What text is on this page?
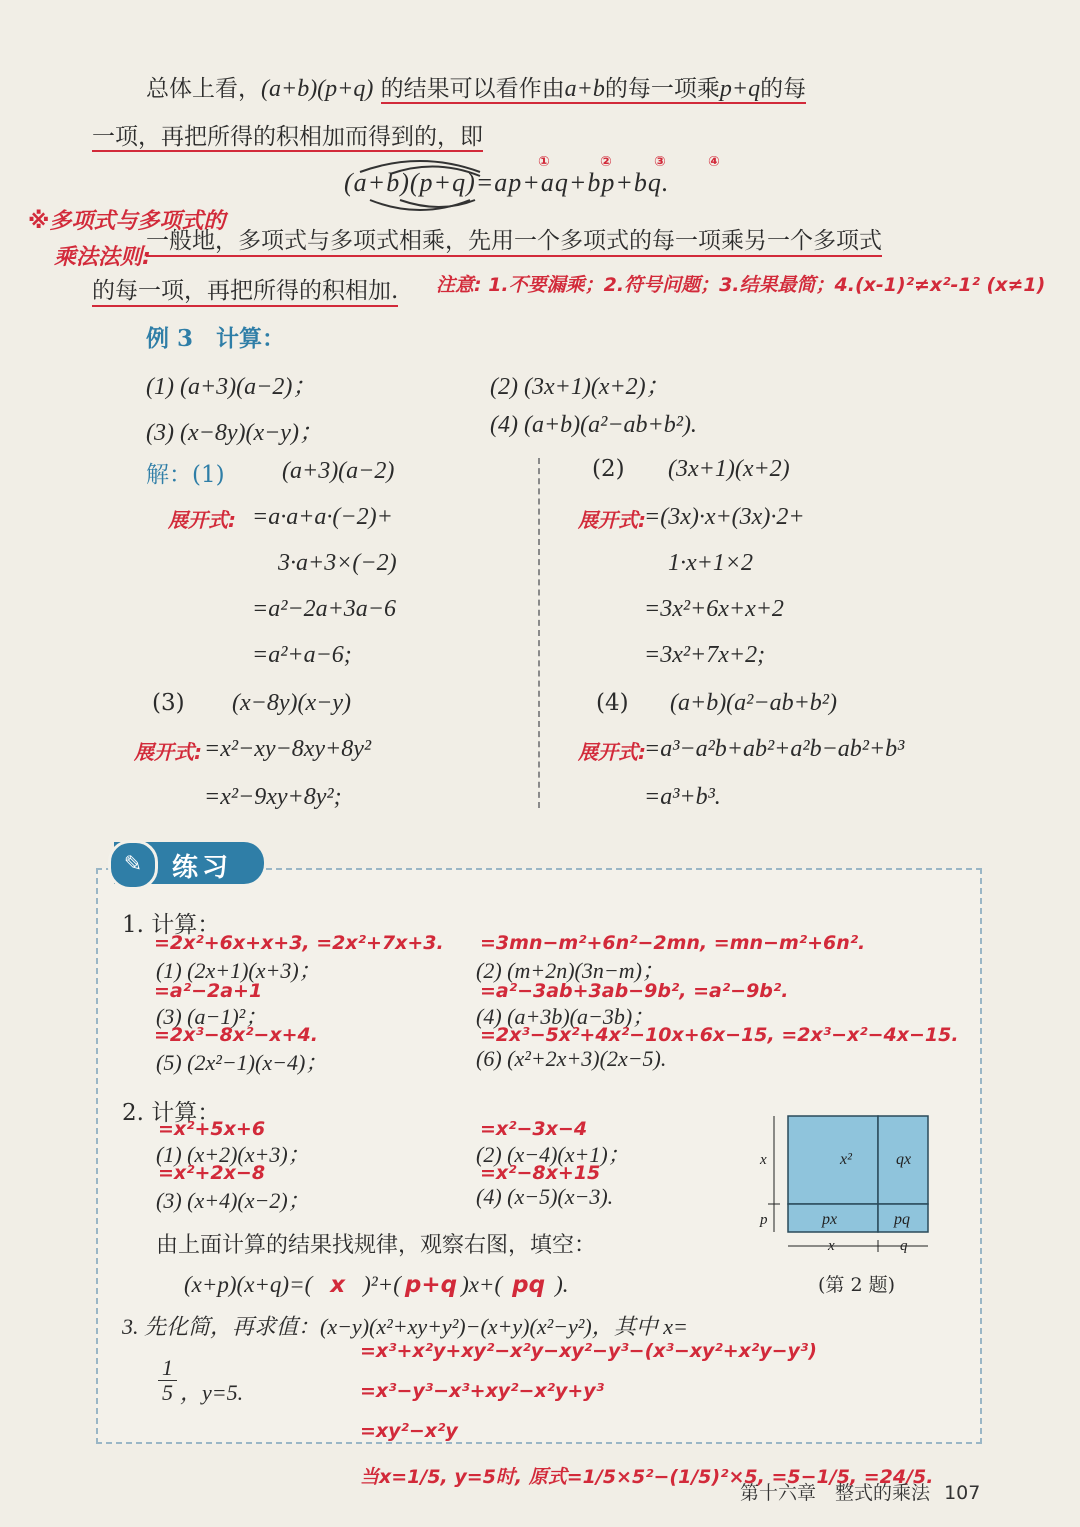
总体上看，(a+b)(p+q) 的结果可以看作由a+b的每一项乘p+q的每
一项，再把所得的积相加而得到的，即
(a+b)(p+q)=ap+aq+bp+bq.
①	②	③	④
※多项式与多项式的
乘法法则:
一般地，多项式与多项式相乘，先用一个多项式的每一项乘另一个多项式
的每一项，再把所得的积相加. 注意: 1.不要漏乘；2.符号问题；3.结果最简；4.(x-1)²≠x²-1² (x≠1)
例 3　计算：
(1) (a+3)(a−2)；	(2) (3x+1)(x+2)；
(3) (x−8y)(x−y)；	(4) (a+b)(a²−ab+b²).
解：(1) (a+3)(a−2)
展开式: =a·a+a·(−2)+
3·a+3×(−2)
=a²−2a+3a−6
=a²+a−6;
(2) (3x+1)(x+2)
展开式:
=(3x)·x+(3x)·2+
1·x+1×2
=3x²+6x+x+2
=3x²+7x+2;
(3) (x−8y)(x−y)
展开式: =x²−xy−8xy+8y²
=x²−9xy+8y²;
(4) (a+b)(a²−ab+b²)
展开式:
=a³−a²b+ab²+a²b−ab²+b³
=a³+b³.
✎	练习
1. 计算：
=2x²+6x+x+3, =2x²+7x+3. =3mn−m²+6n²−2mn, =mn−m²+6n².
(1) (2x+1)(x+3)；	(2) (m+2n)(3n−m)；
=a²−2a+1	=a²−3ab+3ab−9b², =a²−9b².
(3) (a−1)²；	(4) (a+3b)(a−3b)；
=2x³−8x²−x+4.	=2x³−5x²+4x²−10x+6x−15, =2x³−x²−4x−15.
(5) (2x²−1)(x−4)；	(6) (x²+2x+3)(2x−5).
2. 计算：
=x²+5x+6	=x²−3x−4
(1) (x+2)(x+3)；	(2) (x−4)(x+1)；
=x²+2x−8	=x²−8x+15
(3) (x+4)(x−2)；	(4) (x−5)(x−3).
由上面计算的结果找规律，观察右图，填空：
(x+p)(x+q)=( x )²+( p+q )x+( pq ).
x²	qx
px	pq
x
p
x	q
(第 2 题)
3. 先化简，再求值：(x−y)(x²+xy+y²)−(x+y)(x²−y²)，其中 x=
$\frac{1}{5}$ ，y=5.
=x³+x²y+xy²−x²y−xy²−y³−(x³−xy²+x²y−y³)
=x³−y³−x³+xy²−x²y+y³
=xy²−x²y
当x=1/5, y=5时, 原式=1/5×5²−(1/5)²×5, =5−1/5, =24/5.
第十六章　整式的乘法 107
